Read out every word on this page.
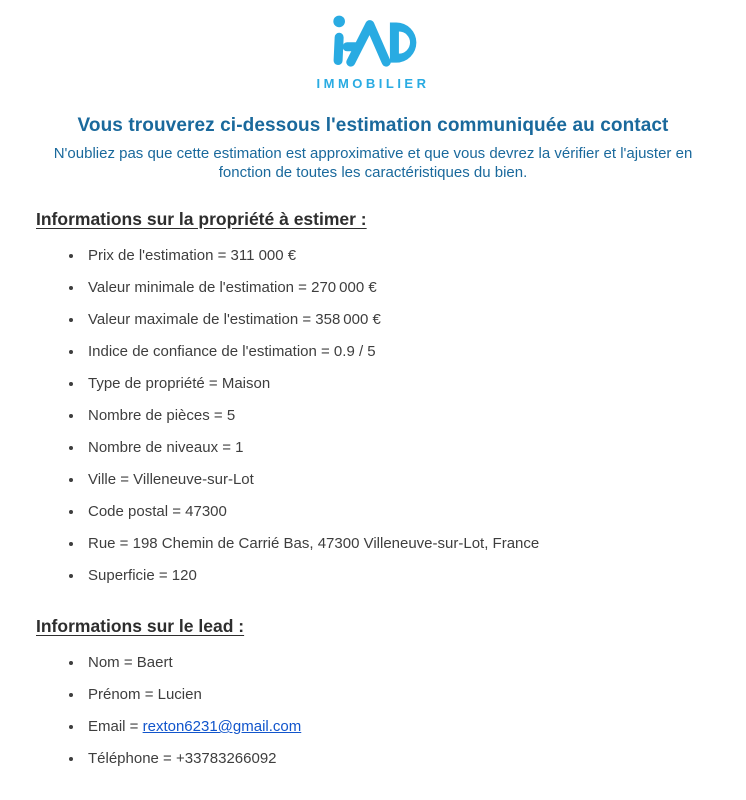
IMMOBILIER
Vous trouverez ci-dessous l'estimation communiquée au contact
N'oubliez pas que cette estimation est approximative et que vous devrez la vérifier et l'ajuster en fonction de toutes les caractéristiques du bien.
Informations sur la propriété à estimer :
• Prix de l'estimation = 311 000 €
• Valeur minimale de l'estimation = 270 000 €
• Valeur maximale de l'estimation = 358 000 €
• Indice de confiance de l'estimation = 0.9 / 5
• Type de propriété = Maison
• Nombre de pièces = 5
• Nombre de niveaux = 1
• Ville = Villeneuve-sur-Lot
• Code postal = 47300
• Rue = 198 Chemin de Carrié Bas, 47300 Villeneuve-sur-Lot, France
• Superficie = 120
Informations sur le lead :
• Nom = Baert
• Prénom = Lucien
• Email = rexton6231@gmail.com
• Téléphone = +33783266092
